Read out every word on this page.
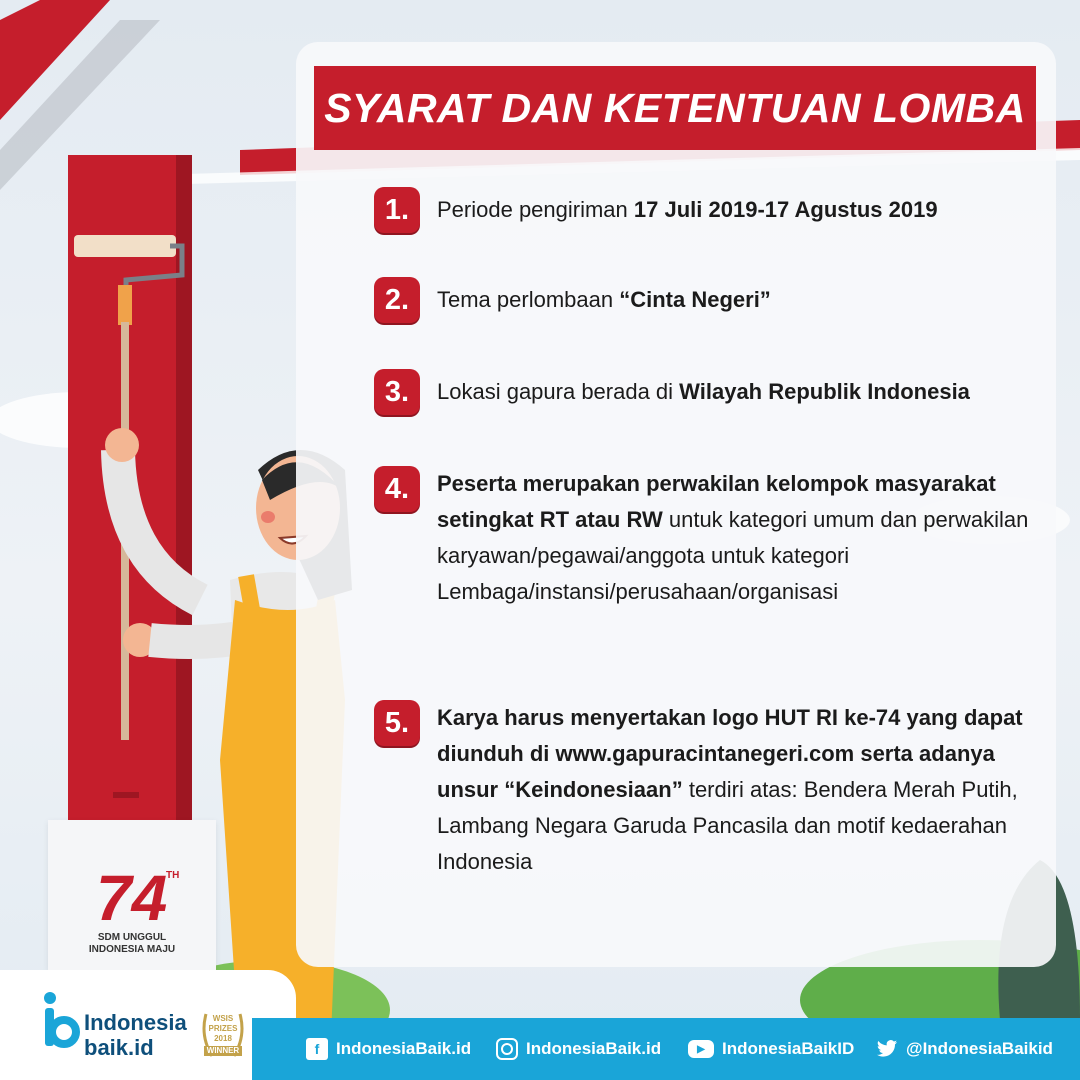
74
TH
SDM UNGGUL
INDONESIA MAJU
SYARAT DAN KETENTUAN LOMBA
1.	Periode pengiriman 17 Juli 2019-17 Agustus 2019
2.	Tema perlombaan “Cinta Negeri”
3.	Lokasi gapura berada di Wilayah Republik Indonesia
4.	Peserta merupakan perwakilan kelompok masyarakat setingkat RT atau RW untuk kategori umum dan perwakilan karyawan/pegawai/anggota untuk kategori Lembaga/instansi/perusahaan/organisasi
5.	Karya harus menyertakan logo HUT RI ke-74 yang dapat diunduh di www.gapuracintanegeri.com serta adanya unsur “Keindonesiaan” terdiri atas: Bendera Merah Putih, Lambang Negara Garuda Pancasila dan motif kedaerahan Indonesia
Indonesia
baik.id
WSIS
PRIZES
2018
WINNER	f IndonesiaBaik.id	IndonesiaBaik.id	▶	IndonesiaBaikID	@IndonesiaBaikid
